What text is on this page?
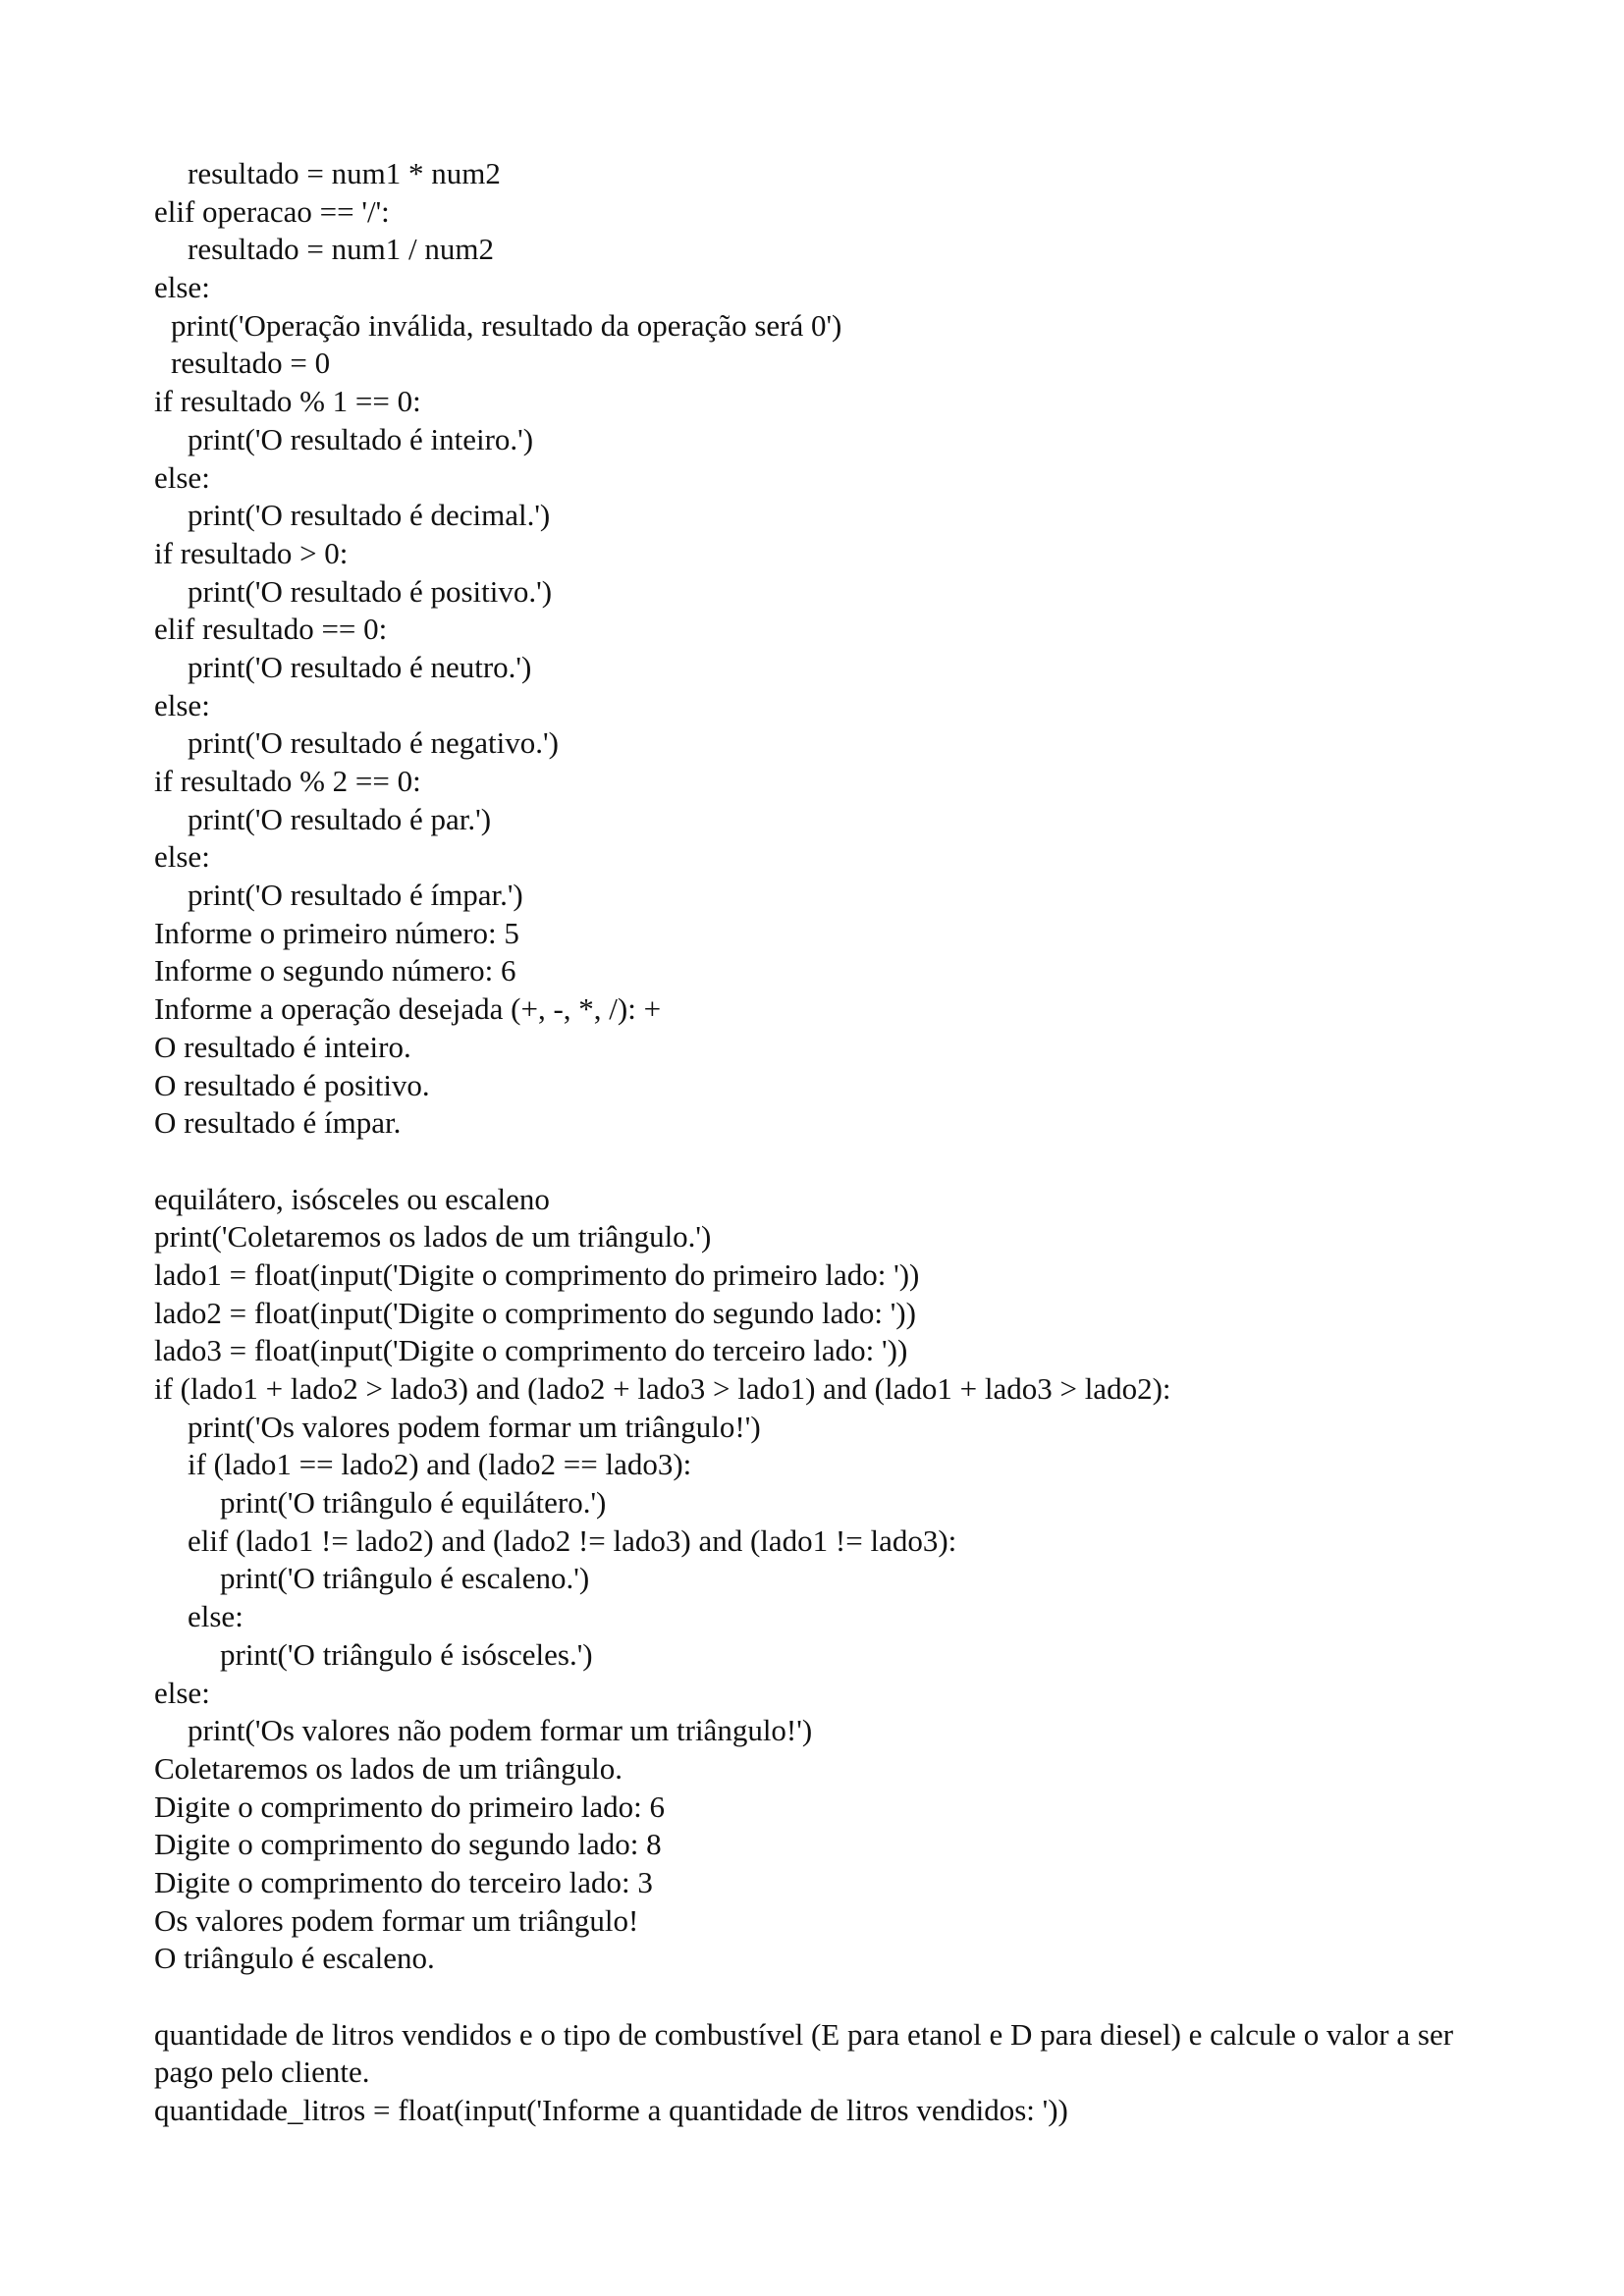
resultado = num1 * num2
elif operacao == '/':
resultado = num1 / num2
else:
print('Operação inválida, resultado da operação será 0')
resultado = 0
if resultado % 1 == 0:
print('O resultado é inteiro.')
else:
print('O resultado é decimal.')
if resultado > 0:
print('O resultado é positivo.')
elif resultado == 0:
print('O resultado é neutro.')
else:
print('O resultado é negativo.')
if resultado % 2 == 0:
print('O resultado é par.')
else:
print('O resultado é ímpar.')
Informe o primeiro número: 5
Informe o segundo número: 6
Informe a operação desejada (+, -, *, /): +
O resultado é inteiro.
O resultado é positivo.
O resultado é ímpar.
equilátero, isósceles ou escaleno
print('Coletaremos os lados de um triângulo.')
lado1 = float(input('Digite o comprimento do primeiro lado: '))
lado2 = float(input('Digite o comprimento do segundo lado: '))
lado3 = float(input('Digite o comprimento do terceiro lado: '))
if (lado1 + lado2 > lado3) and (lado2 + lado3 > lado1) and (lado1 + lado3 > lado2):
print('Os valores podem formar um triângulo!')
if (lado1 == lado2) and (lado2 == lado3):
print('O triângulo é equilátero.')
elif (lado1 != lado2) and (lado2 != lado3) and (lado1 != lado3):
print('O triângulo é escaleno.')
else:
print('O triângulo é isósceles.')
else:
print('Os valores não podem formar um triângulo!')
Coletaremos os lados de um triângulo.
Digite o comprimento do primeiro lado: 6
Digite o comprimento do segundo lado: 8
Digite o comprimento do terceiro lado: 3
Os valores podem formar um triângulo!
O triângulo é escaleno.
quantidade de litros vendidos e o tipo de combustível (E para etanol e D para diesel) e calcule o valor a ser pago pelo cliente.
quantidade_litros = float(input('Informe a quantidade de litros vendidos: '))
